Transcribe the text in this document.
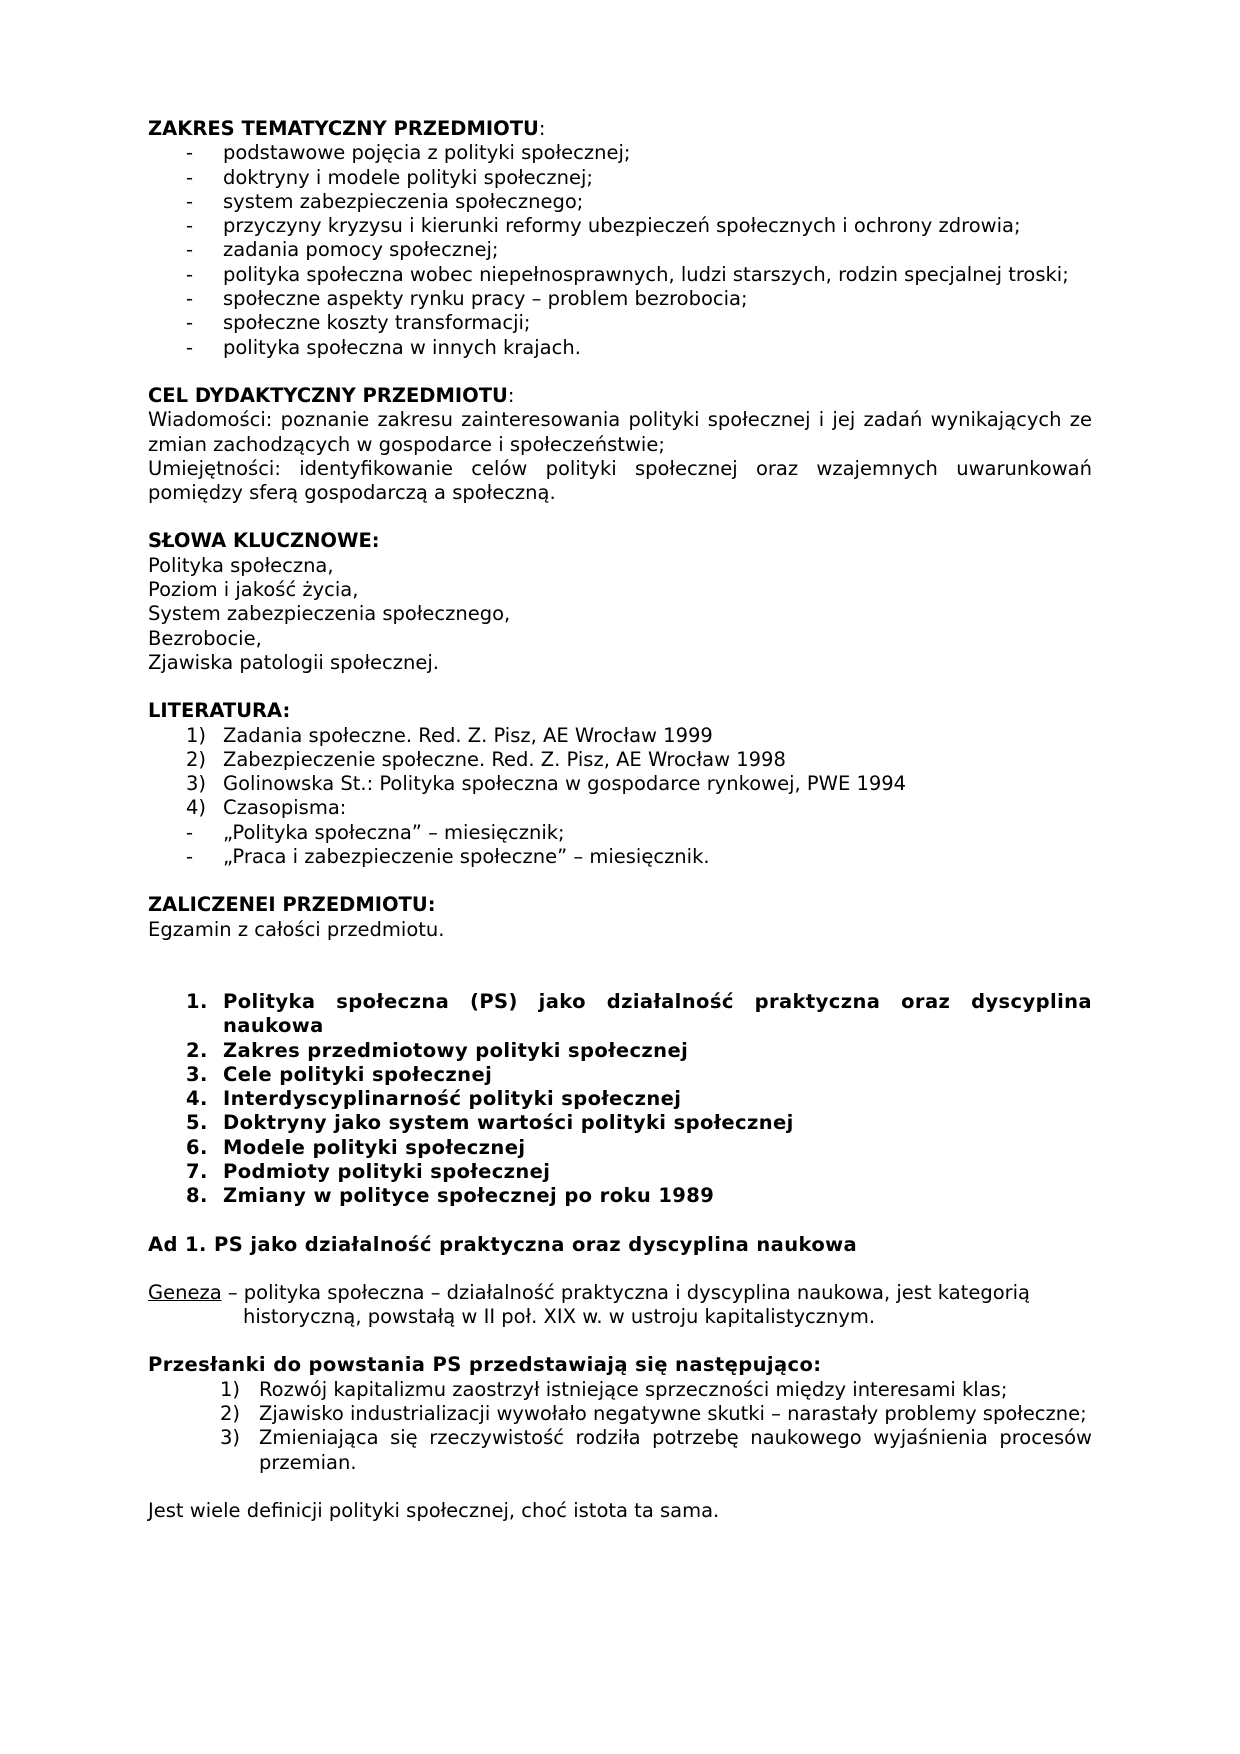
ZAKRES TEMATYCZNY PRZEDMIOTU:
- podstawowe pojęcia z polityki społecznej;
- doktryny i modele polityki społecznej;
- system zabezpieczenia społecznego;
- przyczyny kryzysu i kierunki reformy ubezpieczeń społecznych i ochrony zdrowia;
- zadania pomocy społecznej;
- polityka społeczna wobec niepełnosprawnych, ludzi starszych, rodzin specjalnej troski;
- społeczne aspekty rynku pracy – problem bezrobocia;
- społeczne koszty transformacji;
- polityka społeczna w innych krajach.
CEL DYDAKTYCZNY PRZEDMIOTU:
Wiadomości: poznanie zakresu zainteresowania polityki społecznej i jej zadań wynikających ze zmian zachodzących w gospodarce i społeczeństwie;
Umiejętności: identyfikowanie celów polityki społecznej oraz wzajemnych uwarunkowań pomiędzy sferą gospodarczą a społeczną.
SŁOWA KLUCZNOWE:
Polityka społeczna,
Poziom i jakość życia,
System zabezpieczenia społecznego,
Bezrobocie,
Zjawiska patologii społecznej.
LITERATURA:
1) Zadania społeczne. Red. Z. Pisz, AE Wrocław 1999
2) Zabezpieczenie społeczne. Red. Z. Pisz, AE Wrocław 1998
3) Golinowska St.: Polityka społeczna w gospodarce rynkowej, PWE 1994
4) Czasopisma:
- „Polityka społeczna” – miesięcznik;
- „Praca i zabezpieczenie społeczne” – miesięcznik.
ZALICZENEI PRZEDMIOTU:
Egzamin z całości przedmiotu.
1. Polityka społeczna (PS) jako działalność praktyczna oraz dyscyplina naukowa
2. Zakres przedmiotowy polityki społecznej
3. Cele polityki społecznej
4. Interdyscyplinarność polityki społecznej
5. Doktryny jako system wartości polityki społecznej
6. Modele polityki społecznej
7. Podmioty polityki społecznej
8. Zmiany w polityce społecznej po roku 1989
Ad 1. PS jako działalność praktyczna oraz dyscyplina naukowa
Geneza – polityka społeczna – działalność praktyczna i dyscyplina naukowa, jest kategorią historyczną, powstałą w II poł. XIX w. w ustroju kapitalistycznym.
Przesłanki do powstania PS przedstawiają się następująco:
1) Rozwój kapitalizmu zaostrzył istniejące sprzeczności między interesami klas;
2) Zjawisko industrializacji wywołało negatywne skutki – narastały problemy społeczne;
3) Zmieniająca się rzeczywistość rodziła potrzebę naukowego wyjaśnienia procesów przemian.
Jest wiele definicji polityki społecznej, choć istota ta sama.
